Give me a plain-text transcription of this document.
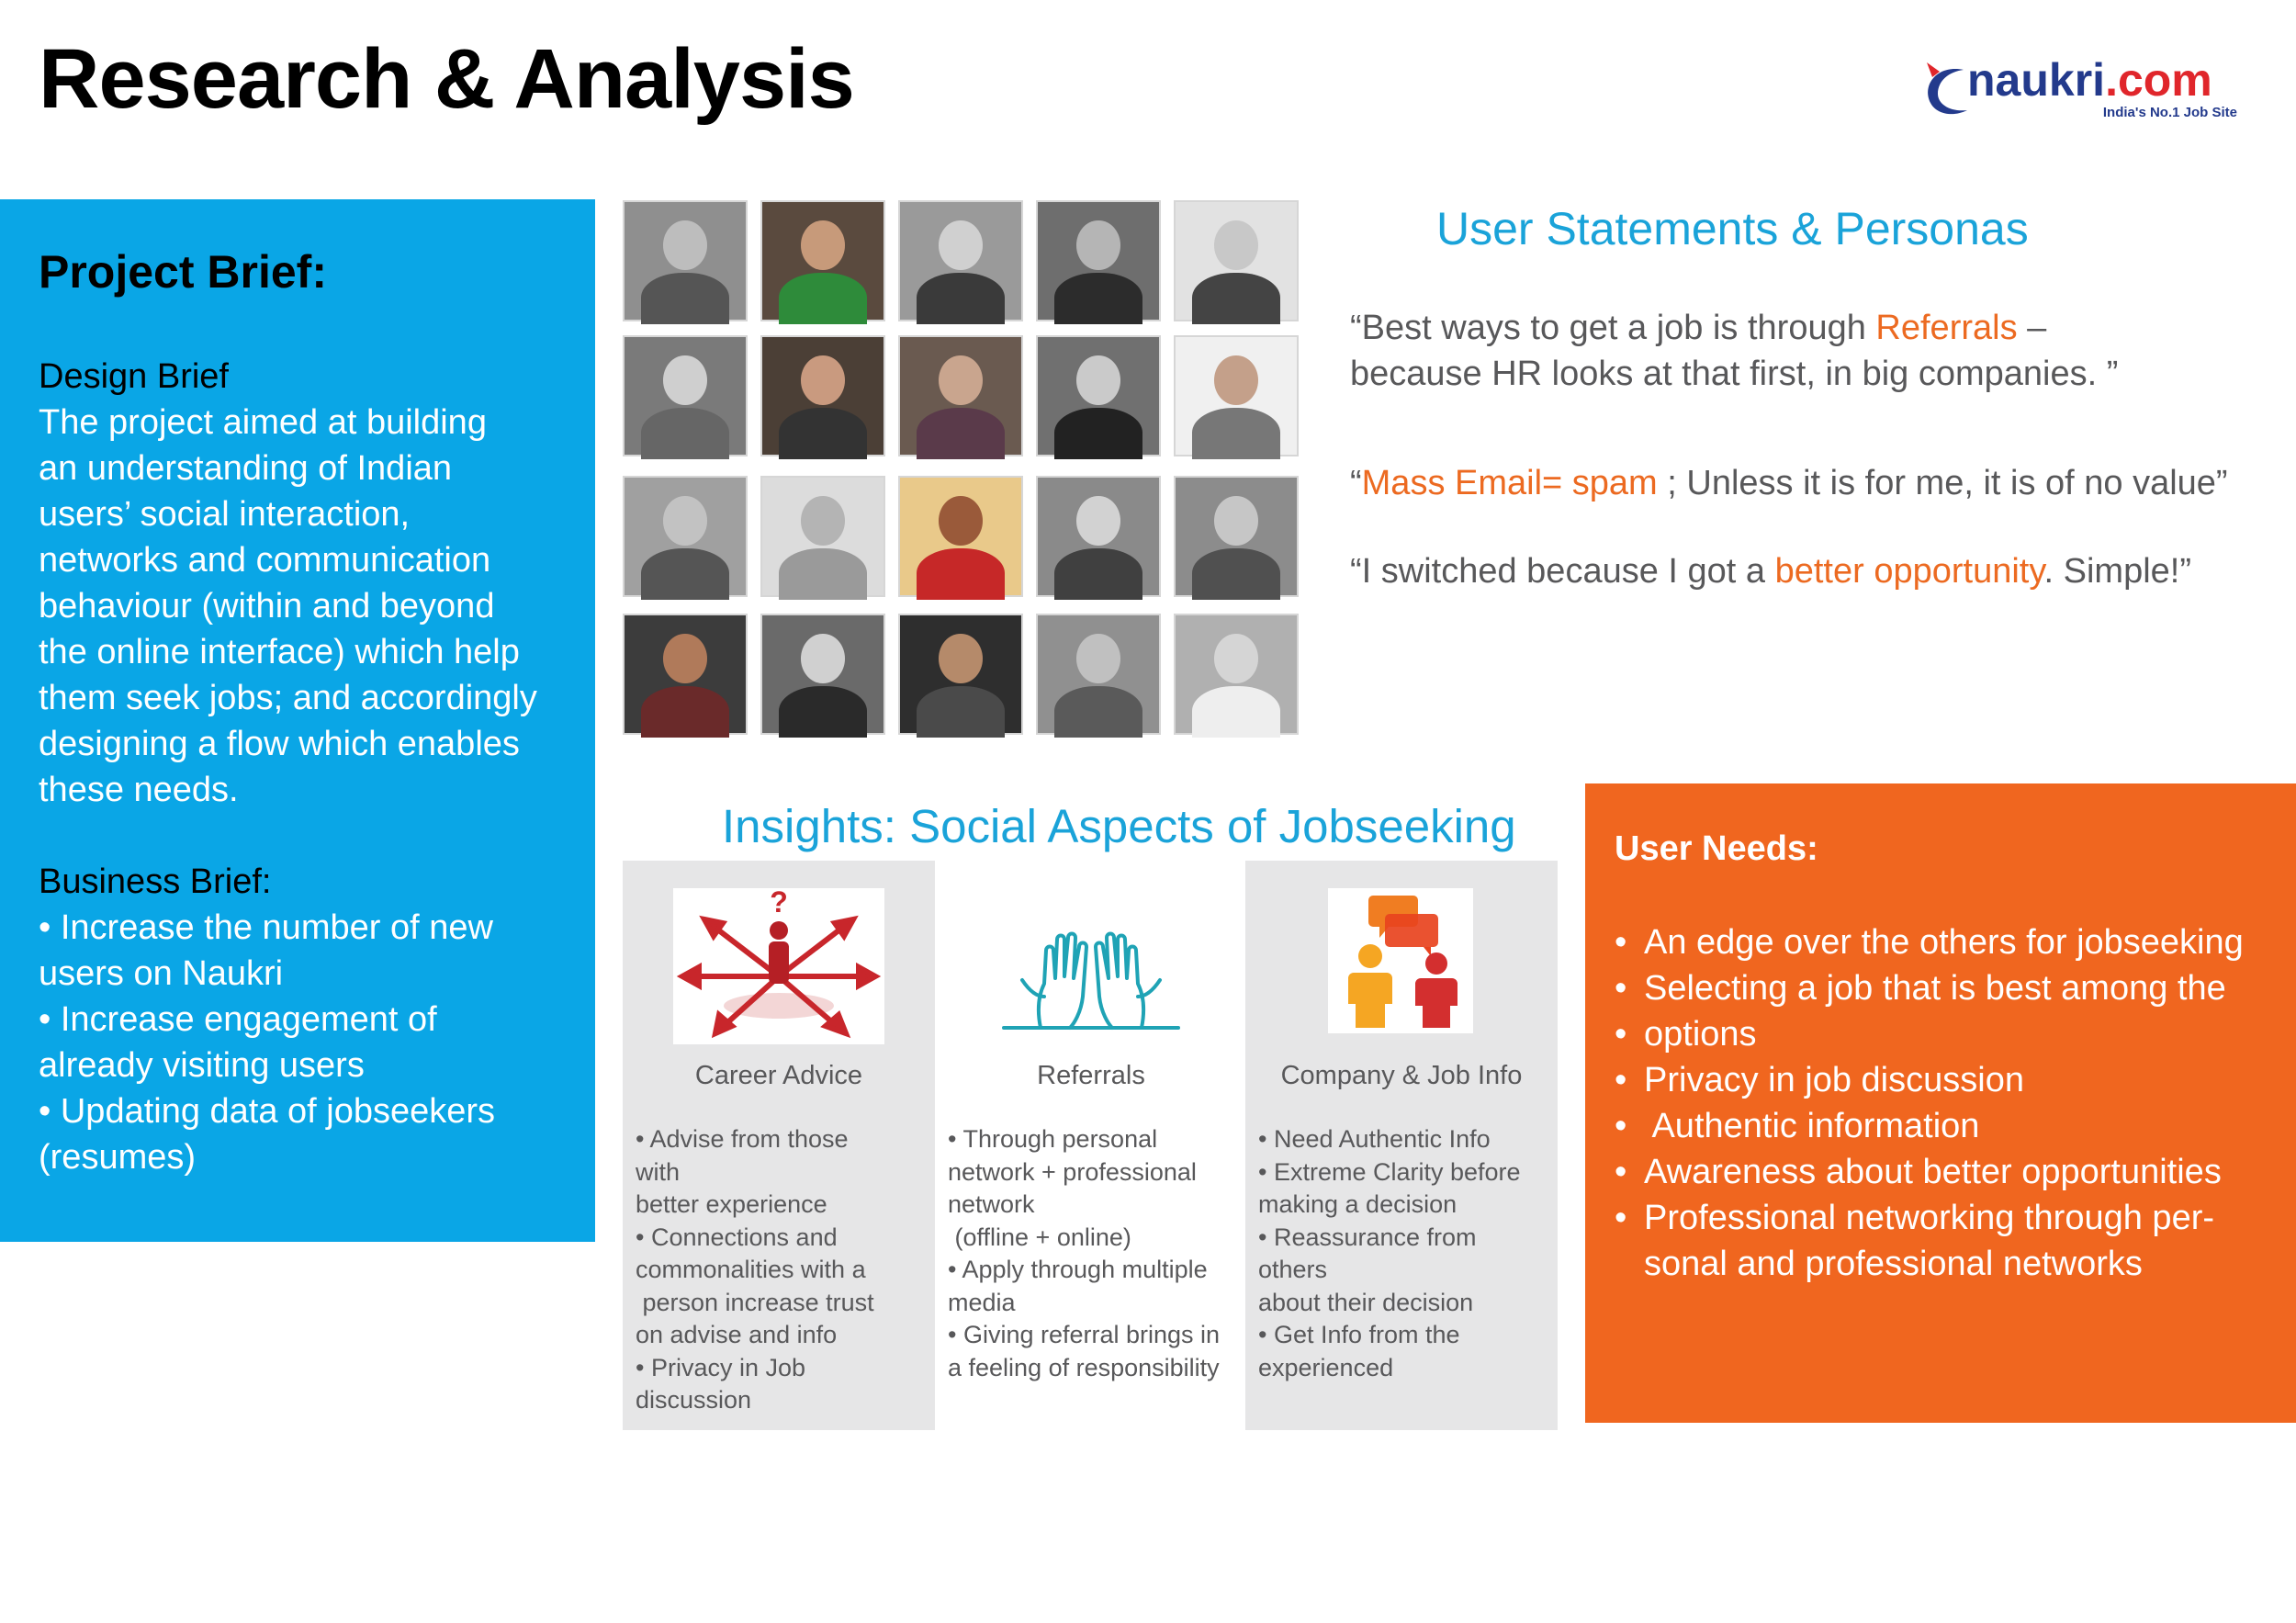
Research & Analysis	naukri.com
India's No.1 Job Site
Project Brief:
Design Brief
The project aimed at building
an understanding of Indian
users’ social interaction,
networks and communication
behaviour (within and beyond
the online interface) which help
them seek jobs; and accordingly
designing a flow which enables
these needs.
Business Brief:
• Increase the number of new
users on Naukri
• Increase engagement of
already visiting users
• Updating data of jobseekers
(resumes)
User Statements & Personas
“Best ways to get a job is through Referrals –
because HR looks at that first, in big companies. ”
“Mass Email= spam ; Unless it is for me, it is of no value”
“I switched because I got a better opportunity. Simple!”
Insights: Social Aspects of Jobseeking
?
Career Advice
• Advise from those
with
better experience
• Connections and
commonalities with a
person increase trust
on advise and info
• Privacy in Job
discussion
Referrals
• Through personal
network + professional
network
(offline + online)
• Apply through multiple
media
• Giving referral brings in
a feeling of responsibility
Company & Job Info
• Need Authentic Info
• Extreme Clarity before
making a decision
• Reassurance from others
about their decision
• Get Info from the
experienced
User Needs:
• An edge over the others for jobseeking
• Selecting a job that is best among the
• options
• Privacy in job discussion
•  Authentic information
• Awareness about better opportunities
• Professional networking through per-
sonal and professional networks
